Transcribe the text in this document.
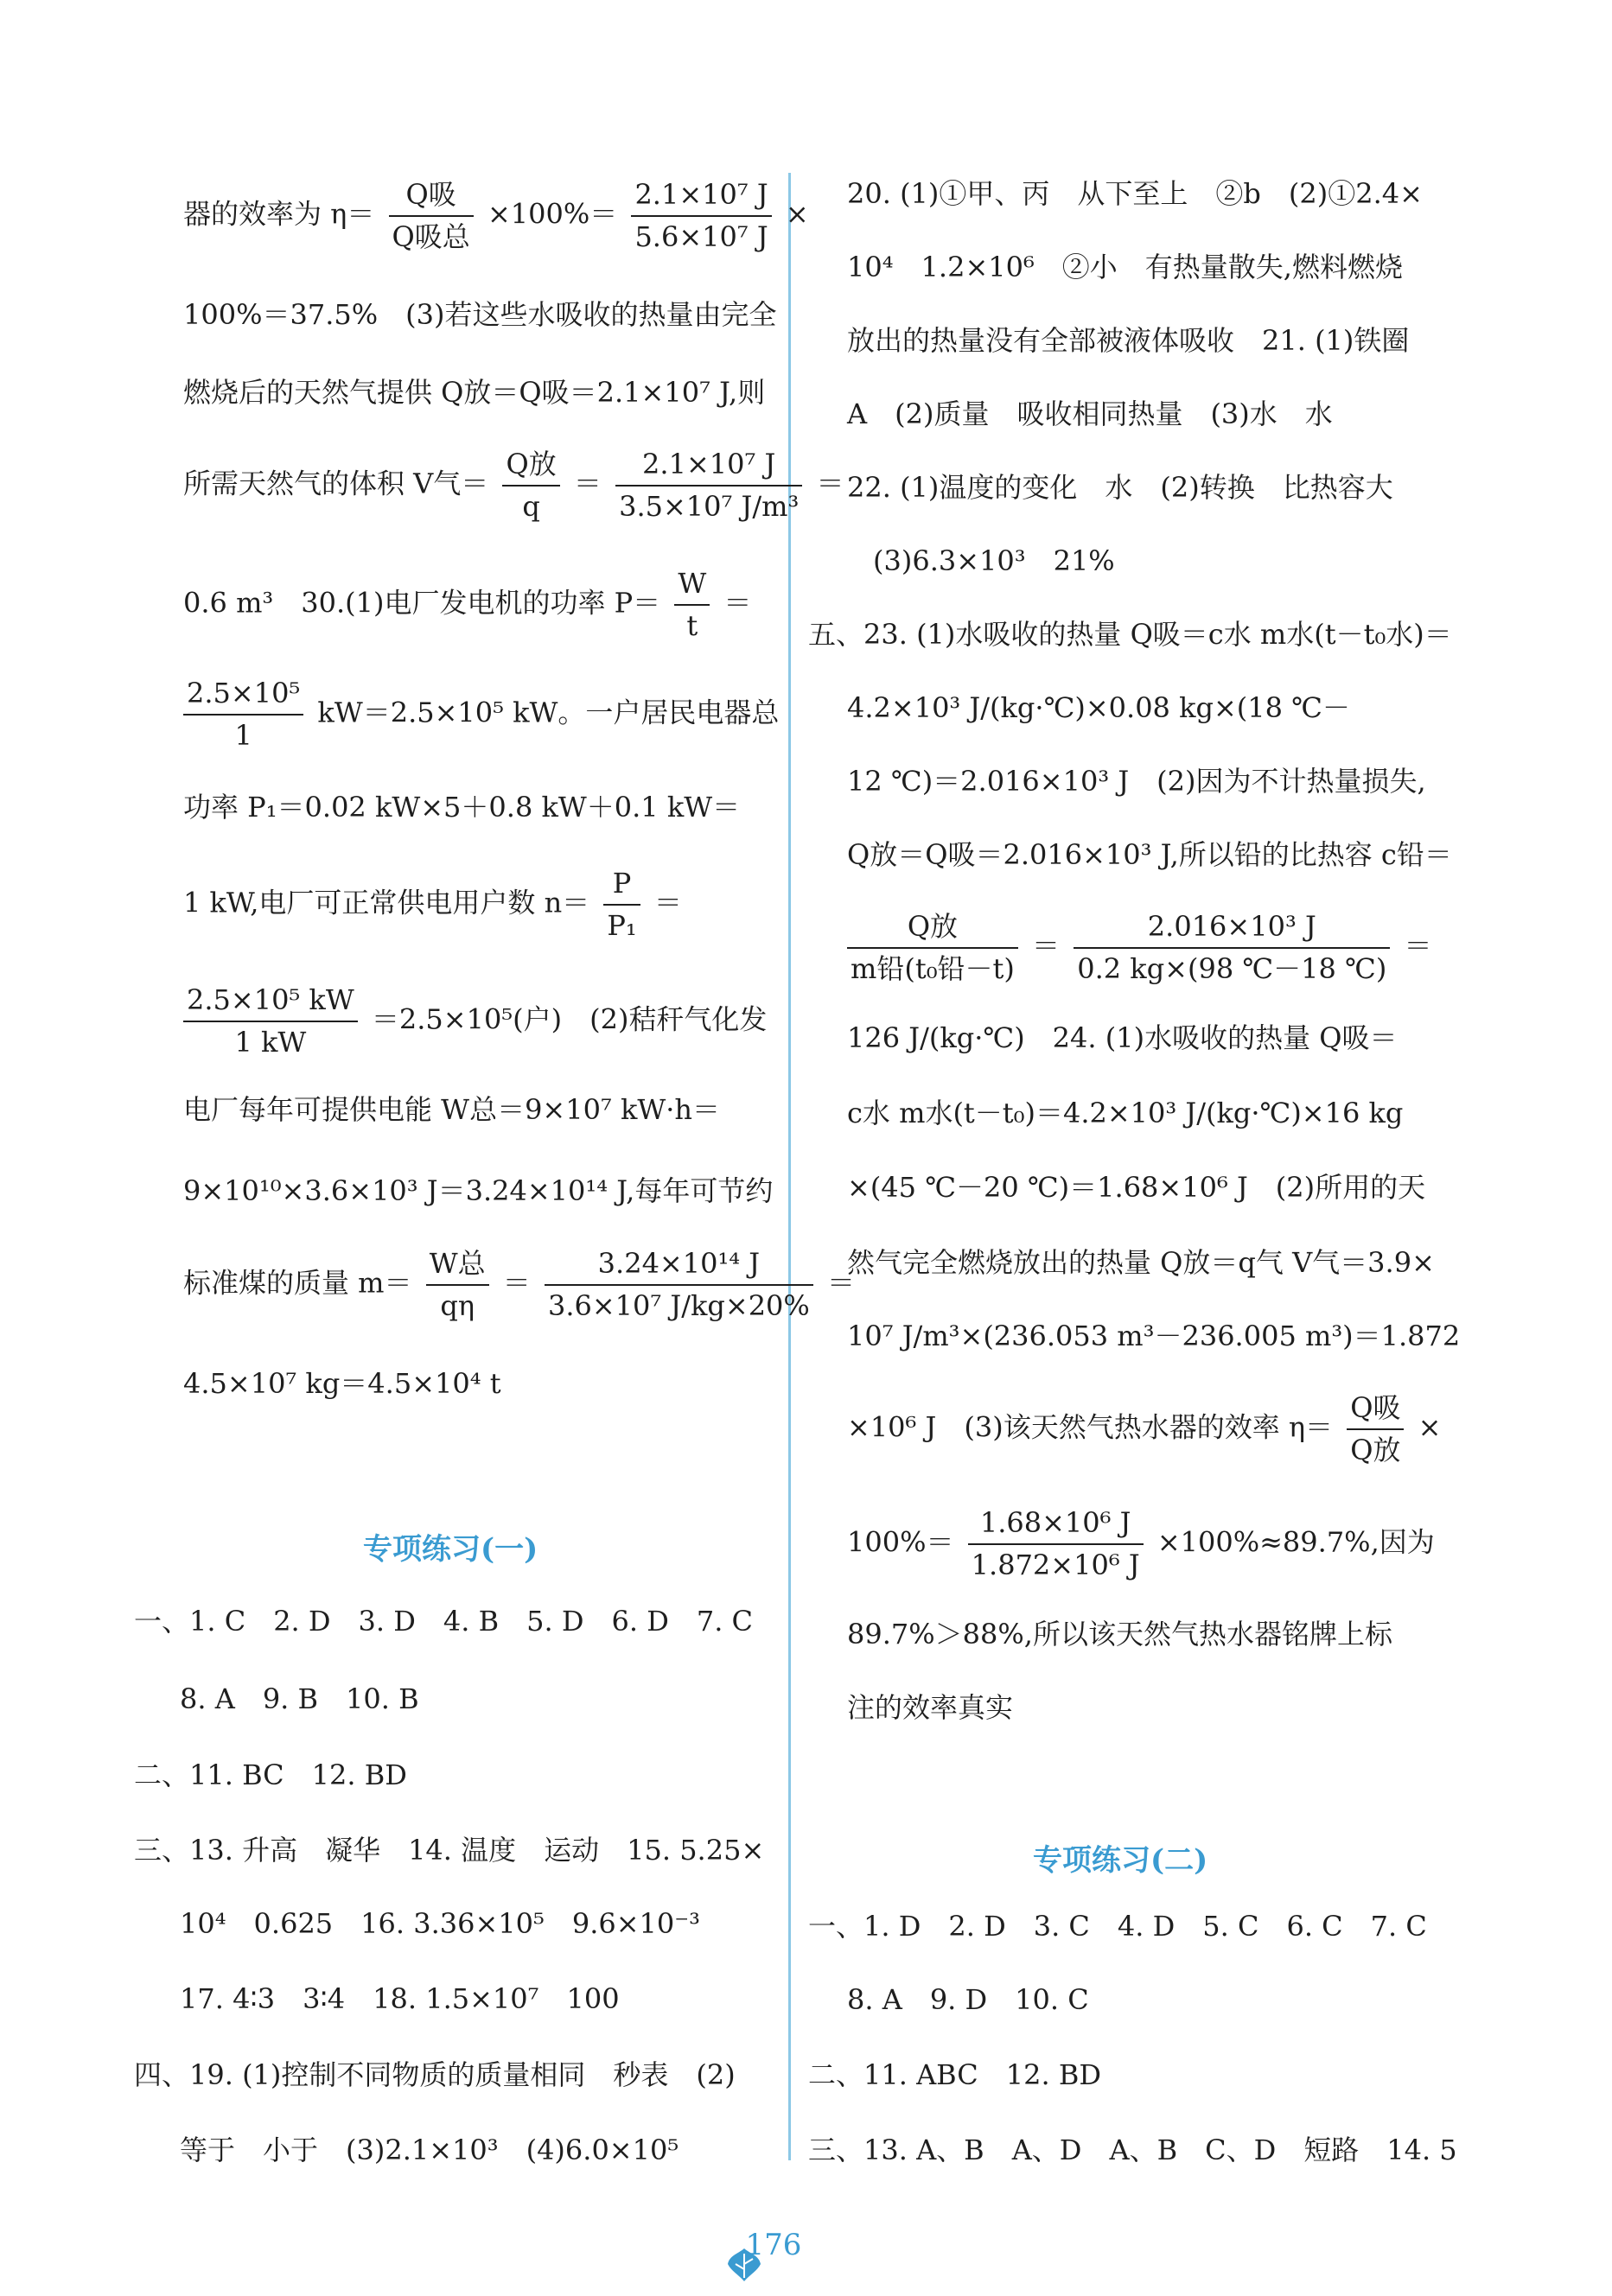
器的效率为 $\eta= \frac{\text{Q吸}}{\text{Q吸总}} \times 100\%= \frac{\text{2.1×10⁷ J}}{\text{5.6×10⁷ J}}$ ×
100%＝37.5%　(3)若这些水吸收的热量由完全
燃烧后的天然气提供 Q放＝Q吸＝2.1×10⁷ J,则
所需天然气的体积 V气＝ $\frac{\text{Q放}}{q} = \frac{\text{2.1×10⁷ J}}{\text{3.5×10⁷ J/m³}}$ ＝
0.6 m³　30.(1)电厂发电机的功率 $P= \frac{W}{t}$ ＝
$\frac{\text{2.5×10⁵}}{1} kW=2.5\times 10^5$ kW。一户居民电器总
功率 P₁＝0.02 kW×5＋0.8 kW＋0.1 kW＝
1 kW,电厂可正常供电用户数 $n= \frac{P}{\text{P₁}}$ ＝
$\frac{\text{2.5×10⁵ kW}}{1 kW} =2.5\times 10^5$(户)　(2)秸秆气化发
电厂每年可提供电能 W总＝9×10⁷ kW·h＝
9×10¹⁰×3.6×10³ J＝3.24×10¹⁴ J,每年可节约
标准煤的质量 $m= \frac{\text{W总}}{q\eta} = \frac{\text{3.24×10¹⁴ J}}{\text{3.6×10⁷ J/kg×20\%}}$ ＝
4.5×10⁷ kg＝4.5×10⁴ t
专项练习(一)
一、1. C　2. D　3. D　4. B　5. D　6. D　7. C
8. A　9. B　10. B
二、11. BC　12. BD
三、13. 升高　凝华　14. 温度　运动　15. 5.25×
10⁴　0.625　16. 3.36×10⁵　9.6×10⁻³
17. 4∶3　3∶4　18. 1.5×10⁷　100
四、19. (1)控制不同物质的质量相同　秒表　(2)
等于　小于　(3)2.1×10³　(4)6.0×10⁵
20. (1)①甲、丙　从下至上　②b　(2)①2.4×
10⁴　1.2×10⁶　②小　有热量散失,燃料燃烧
放出的热量没有全部被液体吸收　21. (1)铁圈
A　(2)质量　吸收相同热量　(3)水　水
22. (1)温度的变化　水　(2)转换　比热容大
(3)6.3×10³　21%
五、23. (1)水吸收的热量 Q吸＝c水 m水(t－t₀水)＝
4.2×10³ J/(kg·℃)×0.08 kg×(18 ℃－
12 ℃)＝2.016×10³ J　(2)因为不计热量损失,
Q放＝Q吸＝2.016×10³ J,所以铅的比热容 c铅＝
$\frac{\text{Q放}}{\text{m铅(t₀铅－t)}} = \frac{\text{2.016×10³ J}}{0.2 kg\times(98 ℃-18 ℃)}$ ＝
126 J/(kg·℃)　24. (1)水吸收的热量 Q吸＝
c水 m水(t－t₀)＝4.2×10³ J/(kg·℃)×16 kg
×(45 ℃－20 ℃)＝1.68×10⁶ J　(2)所用的天
然气完全燃烧放出的热量 Q放＝q气 V气＝3.9×
10⁷ J/m³×(236.053 m³－236.005 m³)＝1.872
×10⁶ J　(3)该天然气热水器的效率 $\eta= \frac{\text{Q吸}}{\text{Q放}}$ ×
$100\%= \frac{\text{1.68×10⁶ J}}{\text{1.872×10⁶ J}} \times 100\%\approx 89.7\%$,因为
89.7%＞88%,所以该天然气热水器铭牌上标
注的效率真实
专项练习(二)
一、1. D　2. D　3. C　4. D　5. C　6. C　7. C
8. A　9. D　10. C
二、11. ABC　12. BD
三、13. A、B　A、D　A、B　C、D　短路　14. 5
176
